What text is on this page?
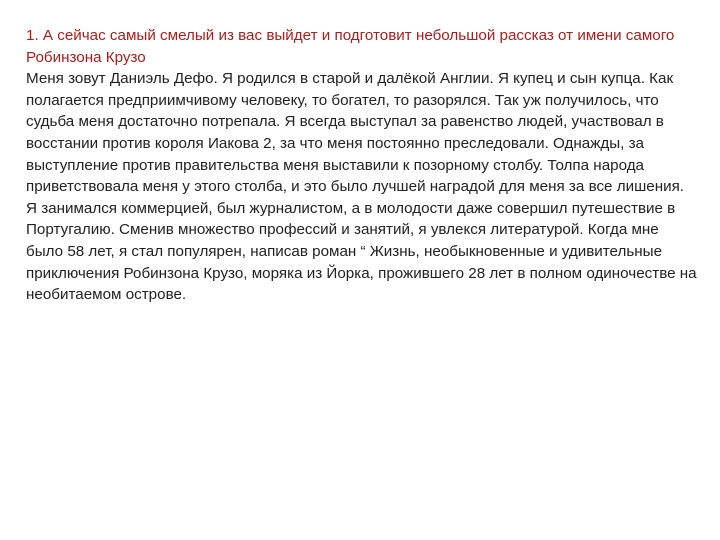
1. А сейчас самый смелый из вас выйдет и подготовит небольшой рассказ от имени самого Робинзона Крузо

Меня зовут Даниэль Дефо. Я родился в старой и далёкой Англии. Я купец и сын купца. Как полагается предприимчивому человеку, то богател, то разорялся. Так уж получилось, что судьба меня достаточно потрепала. Я всегда выступал за равенство людей, участвовал в восстании против короля Иакова 2, за что меня постоянно преследовали. Однажды, за выступление против правительства меня выставили к позорному столбу. Толпа народа приветствовала меня у этого столба, и это было лучшей наградой для меня за все лишения.

Я занимался коммерцией, был журналистом, а в молодости даже совершил путешествие в Португалию. Сменив множество профессий и занятий, я увлекся литературой. Когда мне было 58 лет, я стал популярен, написав роман “ Жизнь, необыкновенные и удивительные приключения Робинзона Крузо, моряка из Йорка, прожившего 28 лет в полном одиночестве на необитаемом острове.
